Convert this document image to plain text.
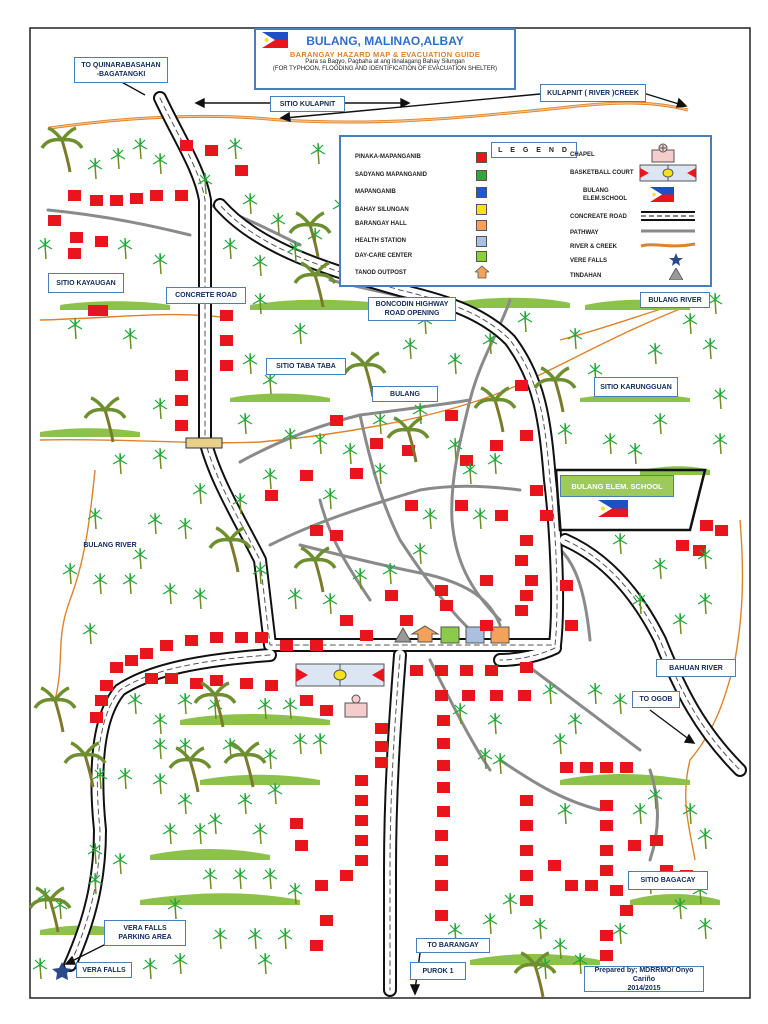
BULANG, MALINAO,ALBAY
BARANGAY HAZARD MAP & EVACUATION GUIDE
Para sa Bagyo, Pagbaha at ang itinalagang Bahay Silungan
(FOR TYPHOON, FLOODING AND IDENTIFICATION OF EVACUATION SHELTER)
L E G E N D
PINAKA-MAPANGANIB
SADYANG MAPANGANID
MAPANGANIB
BAHAY SILUNGAN
BARANGAY HALL
HEALTH STATION
DAY-CARE CENTER
TANOD OUTPOST
CHAPEL
BASKETBALL COURT
BULANG
ELEM.SCHOOL
CONCREATE ROAD
PATHWAY
RIVER & CREEK
VERE FALLS
TINDAHAN
TO QUINARABASAHAN
-BAGATANGKI
SITIO KULAPNIT
KULAPNIT ( RIVER )CREEK
SITIO KAYAUGAN
CONCRETE ROAD
BONCODIN HIGHWAY
ROAD OPENING
BULANG RIVER
SITIO TABA TABA
BULANG
SITIO KARUNGGUAN
BULANG ELEM. SCHOOL
BULANG RIVER
BAHUAN RIVER
TO OGOB
SITIO BAGACAY
VERA FALLS
PARKING AREA
VERA FALLS
TO BARANGAY
PUROK 1	Prepared by; MDRRMO/ Onyo Cariño
2014/2015
